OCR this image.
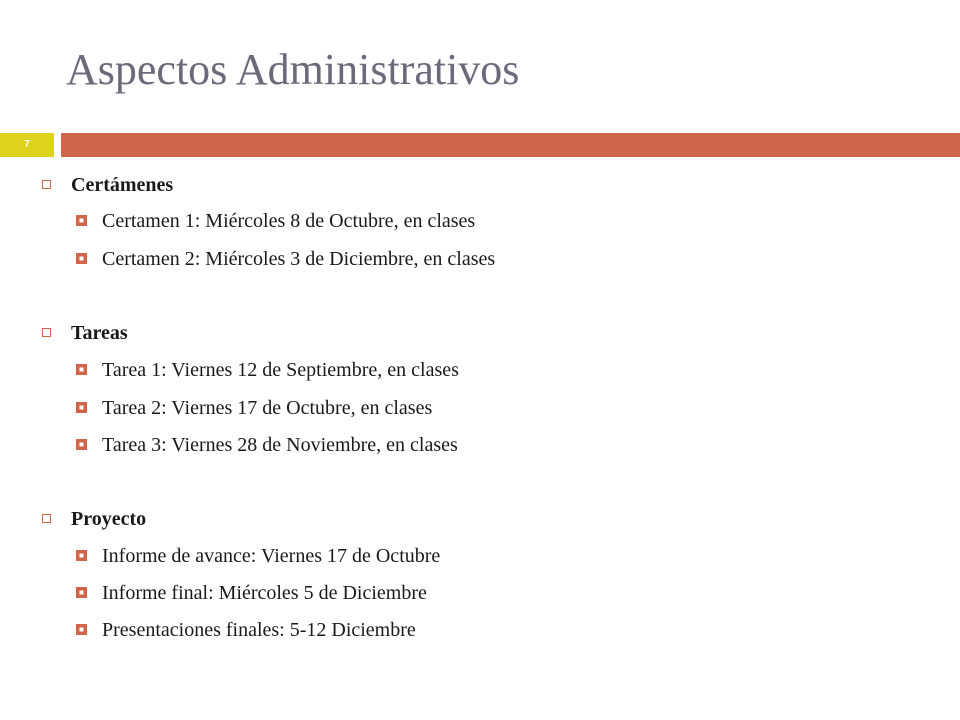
Aspectos Administrativos
7
Certámenes
Certamen 1: Miércoles 8 de Octubre, en clases
Certamen 2: Miércoles 3 de Diciembre, en clases
Tareas
Tarea 1: Viernes 12 de Septiembre, en clases
Tarea 2: Viernes 17 de Octubre, en clases
Tarea 3: Viernes 28 de Noviembre, en clases
Proyecto
Informe de avance: Viernes 17 de Octubre
Informe final: Miércoles 5 de Diciembre
Presentaciones finales: 5-12 Diciembre
